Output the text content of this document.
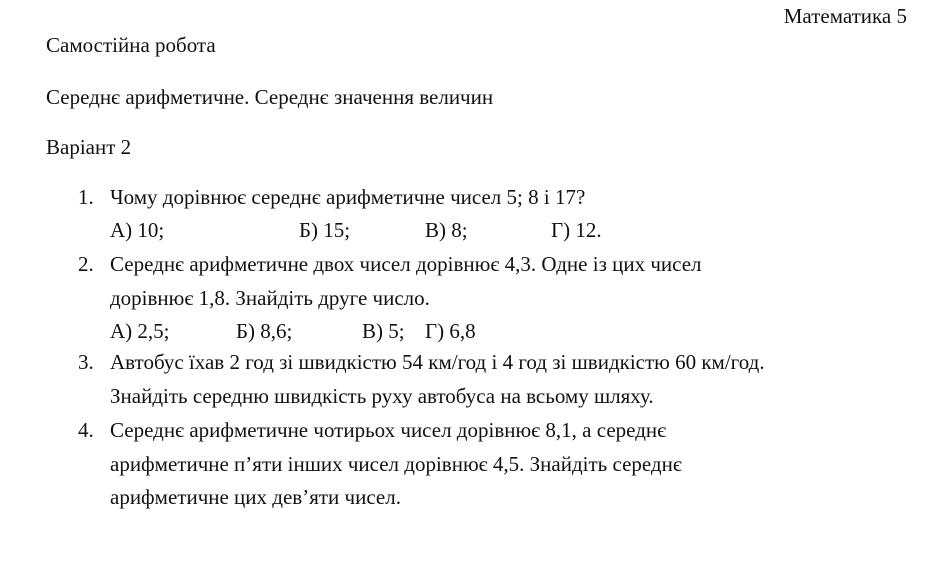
Математика 5
Самостійна робота
Середнє арифметичне. Середнє значення величин
Варіант 2
1. Чому дорівнює середнє арифметичне чисел 5; 8 і 17?
А) 10;	Б) 15;	В) 8;	Г) 12.
2. Середнє арифметичне двох чисел дорівнює 4,3. Одне із цих чисел
дорівнює 1,8. Знайдіть друге число.
А) 2,5;	Б) 8,6;	В) 5; Г) 6,8
3. Автобус їхав 2 год зі швидкістю 54 км/год і 4 год зі швидкістю 60 км/год.
Знайдіть середню швидкість руху автобуса на всьому шляху.
4. Середнє арифметичне чотирьох чисел дорівнює 8,1, а середнє
арифметичне п’яти інших чисел дорівнює 4,5. Знайдіть середнє
арифметичне цих дев’яти чисел.
